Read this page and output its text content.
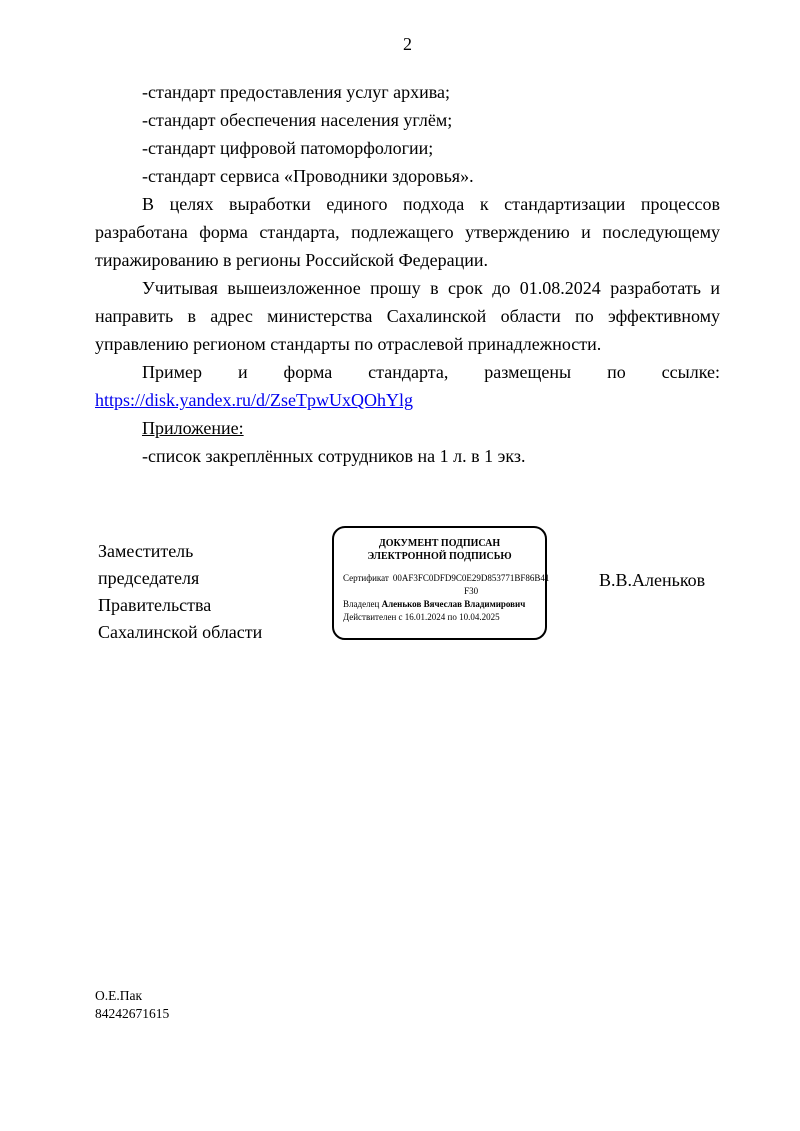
2
-стандарт предоставления услуг архива;
-стандарт обеспечения населения углём;
-стандарт цифровой патоморфологии;
-стандарт сервиса «Проводники здоровья».
В целях выработки единого подхода к стандартизации процессов
разработана форма стандарта, подлежащего утверждению и последующему
тиражированию в регионы Российской Федерации.
Учитывая вышеизложенное прошу в срок до 01.08.2024 разработать и
направить в адрес министерства Сахалинской области по эффективному
управлению регионом стандарты по отраслевой принадлежности.
Пример и форма стандарта, размещены по ссылке:
https://disk.yandex.ru/d/ZseTpwUxQOhYlg
Приложение:
-список закреплённых сотрудников на 1 л. в 1 экз.
Заместитель
председателя
Правительства
Сахалинской области
ДОКУМЕНТ ПОДПИСАН
ЭЛЕКТРОННОЙ ПОДПИСЬЮ
Сертификат 00AF3FC0DFD9C0E29D853771BF86B41
F30
Владелец Аленьков Вячеслав Владимирович
Действителен с 16.01.2024 по 10.04.2025
В.В.Аленьков
О.Е.Пак
84242671615
